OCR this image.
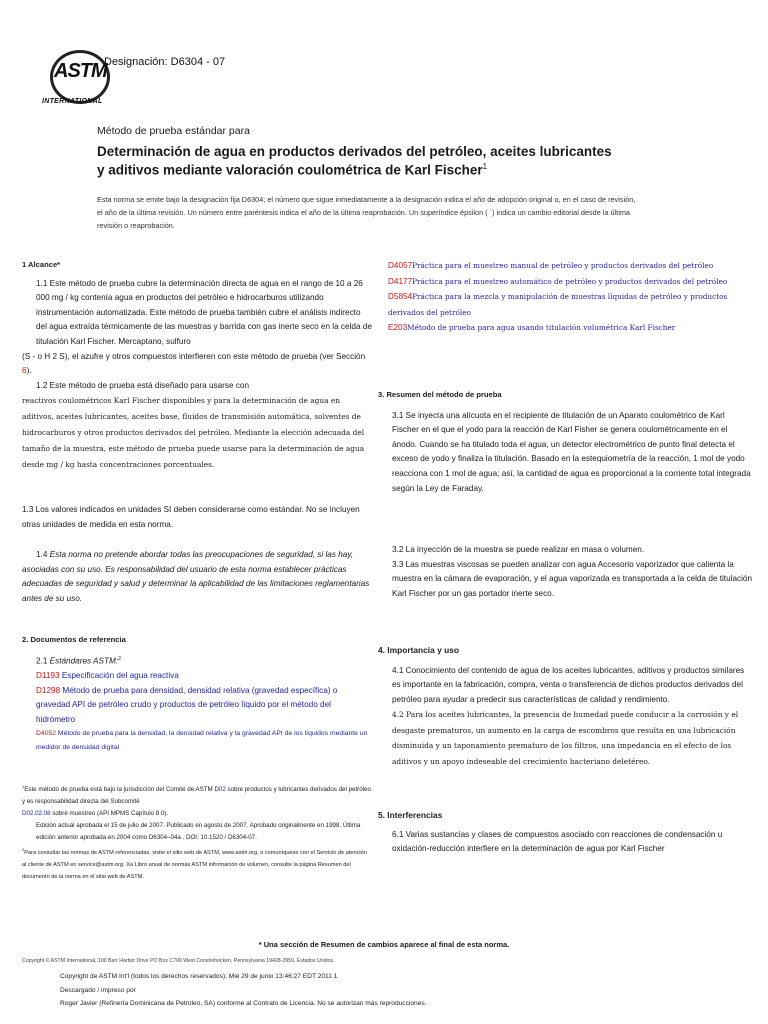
ASTM
INTERNATIONAL
Designación: D6304 - 07
Método de prueba estándar para
Determinación de agua en productos derivados del petróleo, aceites lubricantes y aditivos mediante valoración coulométrica de Karl Fischer$^1$
Esta norma se emite bajo la designación fija D6304; el número que sigue inmediatamente a la designación indica el año de adopción original o, en el caso de revisión, el año de la última revisión. Un número entre paréntesis indica el año de la última reaprobación. Un superíndice épsilon ( ´) indica un cambio editorial desde la última revisión o reaprobación.

1 Alcance*

1.1 Este método de prueba cubre la determinación directa de agua en el rango de 10 a 26 000 mg / kg contenía agua en productos del petróleo e hidrocarburos utilizando instrumentación automatizada. Este método de prueba también cubre el análisis indirecto del agua extraída térmicamente de las muestras y barrida con gas inerte seco en la celda de titulación Karl Fischer. Mercaptano, sulfuro

(S - o H 2 S), el azufre y otros compuestos interfieren con este método de prueba (ver Sección 6).

1.2 Este método de prueba está diseñado para usarse con

reactivos coulométricos Karl Fischer disponibles y para la determinación de agua en aditivos, aceites lubricantes, aceites base, fluidos de transmisión automática, solventes de hidrocarburos y otros productos derivados del petróleo. Mediante la elección adecuada del tamaño de la muestra, este método de prueba puede usarse para la determinación de agua desde mg / kg hasta concentraciones porcentuales.

1.3 Los valores indicados en unidades SI deben considerarse como estándar. No se incluyen otras unidades de medida en esta norma.
1.4 Esta norma no pretende abordar todas las preocupaciones de seguridad, si las hay, asociadas con su uso. Es responsabilidad del usuario de esta norma establecer prácticas adecuadas de seguridad y salud y determinar la aplicabilidad de las limitaciones reglamentarias antes de su uso.

2. Documentos de referencia

2.1 Estándares ASTM:$^2$

D1193 Especificación del agua reactiva

D1298 Método de prueba para densidad, densidad relativa (gravedad específica) o gravedad API de petróleo crudo y productos de petróleo líquido por el método del hidrómetro

D4052 Método de prueba para la densidad, la densidad relativa y la gravedad API de los líquidos mediante un medidor de densidad digital

$^1$Este método de prueba está bajo la jurisdicción del Comité de ASTM D02 sobre productos y lubricantes derivados del petróleo y es responsabilidad directa del Subcomité
D02.02.08 sobre muestreo (API MPMS Capítulo 8.0).
Edición actual aprobada el 15 de julio de 2007. Publicado en agosto de 2007. Aprobado originalmente en 1998. Última edición anterior aprobada en 2004 como D6304–04a . DOI: 10.1520 / D6304-07.
$^2$Para consultar las normas de ASTM referenciadas, visite el sitio web de ASTM, www.astm.org, o comuníquese con el Servicio de atención al cliente de ASTM en service@astm.org. Xa Libro anual de normas ASTM información de volumen, consulte la página Resumen del documento de la norma en el sitio web de ASTM.

D4057Práctica para el muestreo manual de petróleo y productos derivados del petróleo

D4177Práctica para el muestreo automático de petróleo y productos derivados del petróleo

D5854Práctica para la mezcla y manipulación de muestras líquidas de petróleo y productos derivados del petróleo

E203Método de prueba para agua usando titulación volumétrica Karl Fischer

3. Resumen del método de prueba

3.1 Se inyecta una alícuota en el recipiente de titulación de un Aparato coulométrico de Karl Fischer en el que el yodo para la reacción de Karl Fisher se genera coulométricamente en el ánodo. Cuando se ha titulado toda el agua, un detector electrométrico de punto final detecta el exceso de yodo y finaliza la titulación. Basado en la estequiometría de la reacción, 1 mol de yodo reacciona con 1 mol de agua; así, la cantidad de agua es proporcional a la corriente total integrada según la Ley de Faraday.

3.2 La inyección de la muestra se puede realizar en masa o volumen.

3.3 Las muestras viscosas se pueden analizar con agua Accesorio vaporizador que calienta la muestra en la cámara de evaporación, y el agua vaporizada es transportada a la celda de titulación Karl Fischer por un gas portador inerte seco.

4. Importancia y uso

4.1 Conocimiento del contenido de agua de los aceites lubricantes, aditivos y productos similares es importante en la fabricación, compra, venta o transferencia de dichos productos derivados del petróleo para ayudar a predecir sus características de calidad y rendimiento.

4.2 Para los aceites lubricantes, la presencia de humedad puede conducir a la corrosión y el desgaste prematuros, un aumento en la carga de escombros que resulta en una lubricación disminuida y un taponamiento prematuro de los filtros, una impedancia en el efecto de los aditivos y un apoyo indeseable del crecimiento bacteriano deletéreo.

5. Interferencias

6.1 Varias sustancias y clases de compuestos asociado con reacciones de condensación u oxidación-reducción interfiere en la determinación de agua por Karl Fischer

* Una sección de Resumen de cambios aparece al final de esta norma.
Copyright © ASTM International, 100 Barr Harbor Drive PO Box C700 West Conshohocken, Pennsylvania 19428-2959, Estados Unidos.
Copyright de ASTM Int'l (todos los derechos reservados); Mié 29 de junio 13:46:27 EDT 2011 1
Descargado / impreso por
Roger Javier (Refinería Dominicana de Petroleo, SA) conforme al Contrato de Licencia. No se autorizan más reproducciones.
